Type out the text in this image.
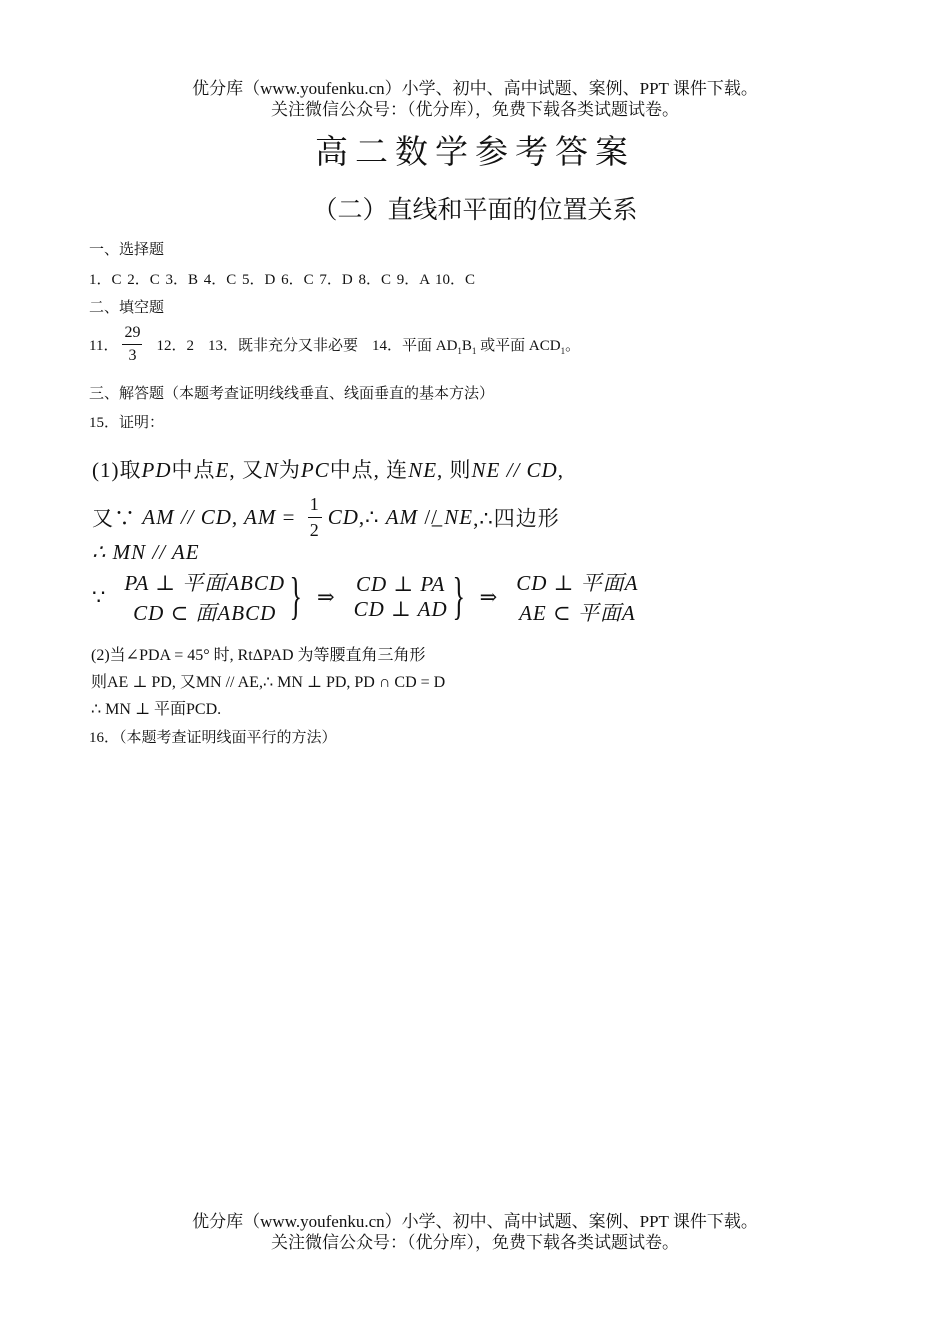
优分库（www.youfenku.cn）小学、初中、高中试题、案例、PPT 课件下载。
关注微信公众号：（优分库），免费下载各类试题试卷。
高二数学参考答案
（二）直线和平面的位置关系
一、选择题
1．C 2．C 3．B 4．C 5．D 6．C 7．D 8．C 9．A 10．C
二、填空题
11． $\frac{29}{3} 12$．2 13．既非充分又非必要 14．平面 $AD_1B_1$ 或平面 $ACD_1$。
三、解答题（本题考查证明线线垂直、线面垂直的基本方法）
15．证明：
(1)取PD中点E, 又N为PC中点, 连NE, 则NE // CD,
又∵ AM // CD, AM = $\frac{1}{2}$ CD,∴ AM //̲ NE,∴四边形
∴ MN // AE
∵
PA ⊥ 平面ABCD
CD ⊂ 面ABCD } ⇒
CD ⊥ PA
CD ⊥ AD } ⇒
CD ⊥ 平面A
AE ⊂ 平面A
(2)当∠PDA = 45° 时, RtΔPAD 为等腰直角三角形
则AE ⊥ PD, 又MN // AE,∴ MN ⊥ PD, PD ∩ CD = D
∴ MN ⊥ 平面PCD.
16．（本题考查证明线面平行的方法）
优分库（www.youfenku.cn）小学、初中、高中试题、案例、PPT 课件下载。
关注微信公众号：（优分库），免费下载各类试题试卷。
